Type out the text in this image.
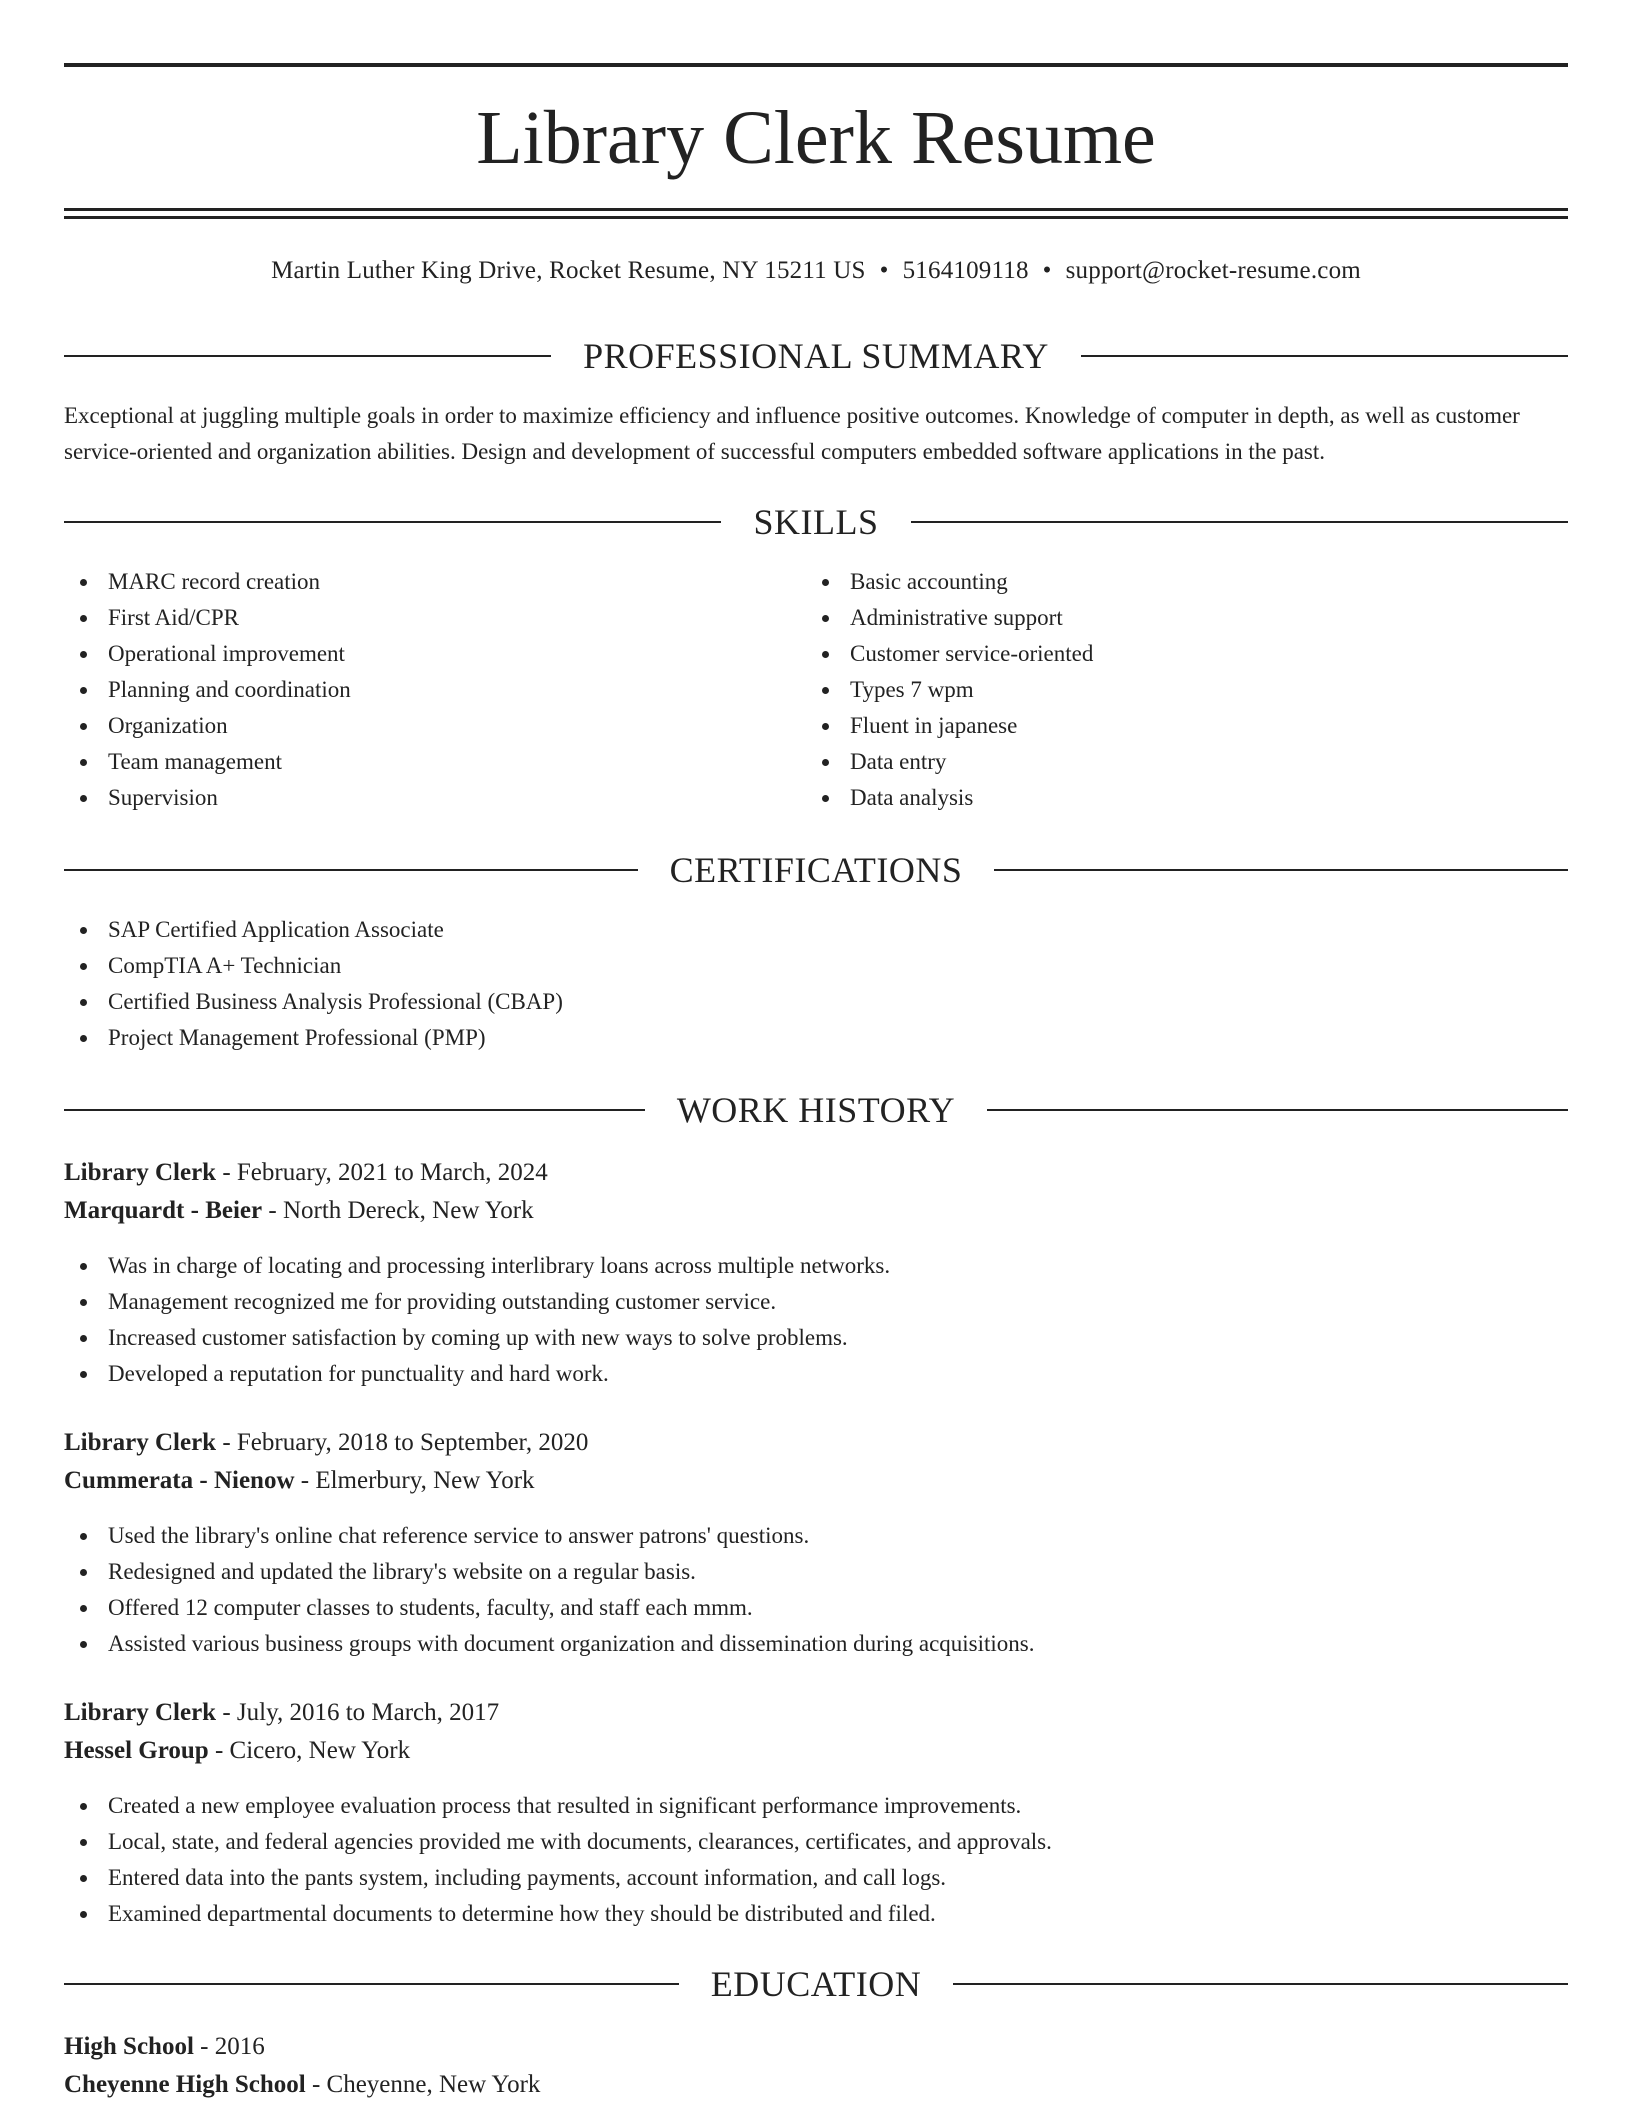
Library Clerk Resume
Martin Luther King Drive, Rocket Resume, NY 15211 US • 5164109118 • support@rocket-resume.com
PROFESSIONAL SUMMARY

Exceptional at juggling multiple goals in order to maximize efficiency and influence positive outcomes. Knowledge of computer in depth, as well as customer service-oriented and organization abilities. Design and development of successful computers embedded software applications in the past.

SKILLS
MARC record creation
First Aid/CPR
Operational improvement
Planning and coordination
Organization
Team management
Supervision
Basic accounting
Administrative support
Customer service-oriented
Types 7 wpm
Fluent in japanese
Data entry
Data analysis
CERTIFICATIONS
SAP Certified Application Associate
CompTIA A+ Technician
Certified Business Analysis Professional (CBAP)
Project Management Professional (PMP)
WORK HISTORY
Library Clerk - February, 2021 to March, 2024
Marquardt - Beier - North Dereck, New York
Was in charge of locating and processing interlibrary loans across multiple networks.
Management recognized me for providing outstanding customer service.
Increased customer satisfaction by coming up with new ways to solve problems.
Developed a reputation for punctuality and hard work.
Library Clerk - February, 2018 to September, 2020
Cummerata - Nienow - Elmerbury, New York
Used the library's online chat reference service to answer patrons' questions.
Redesigned and updated the library's website on a regular basis.
Offered 12 computer classes to students, faculty, and staff each mmm.
Assisted various business groups with document organization and dissemination during acquisitions.
Library Clerk - July, 2016 to March, 2017
Hessel Group - Cicero, New York
Created a new employee evaluation process that resulted in significant performance improvements.
Local, state, and federal agencies provided me with documents, clearances, certificates, and approvals.
Entered data into the pants system, including payments, account information, and call logs.
Examined departmental documents to determine how they should be distributed and filed.
EDUCATION
High School - 2016
Cheyenne High School - Cheyenne, New York
